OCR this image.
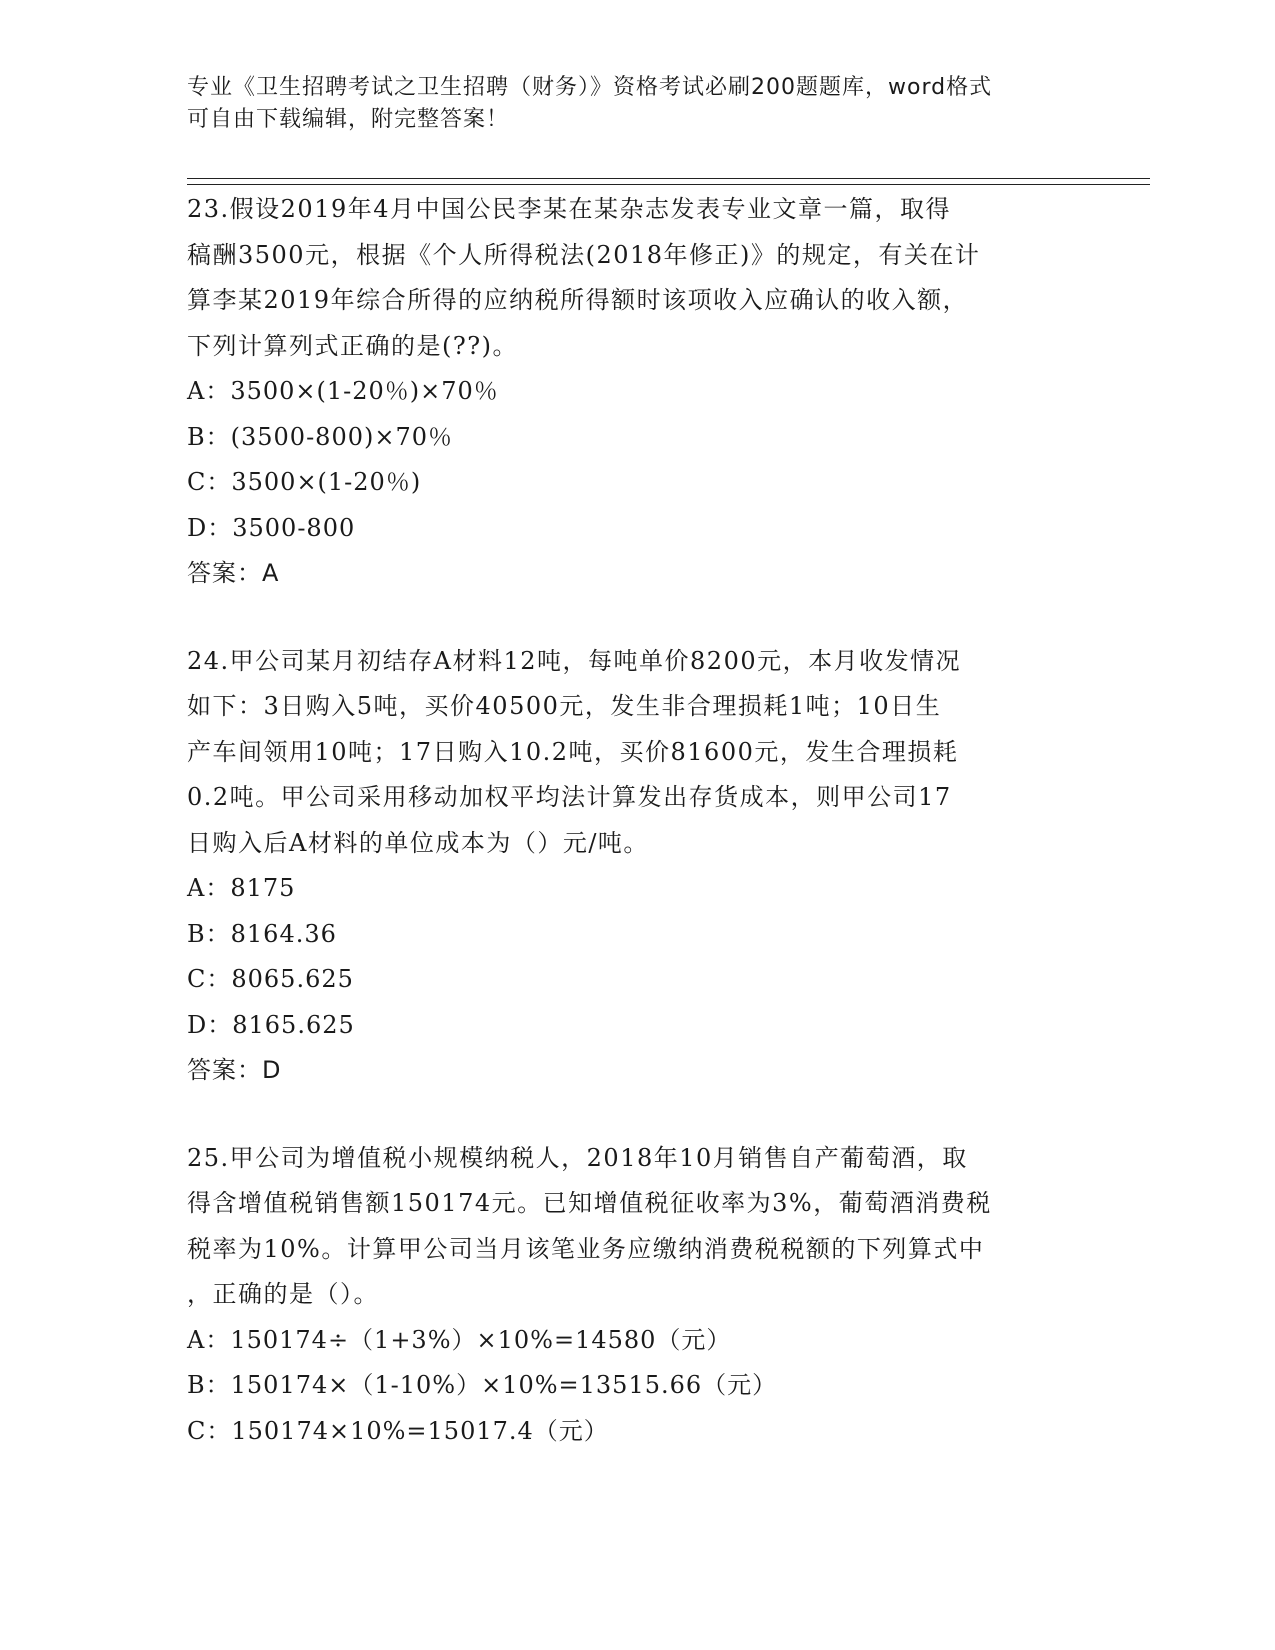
专业《卫生招聘考试之卫生招聘（财务）》资格考试必刷200题题库，word格式
可自由下载编辑，附完整答案！
23.假设2019年4月中国公民李某在某杂志发表专业文章一篇，取得
稿酬3500元，根据《个人所得税法(2018年修正)》的规定，有关在计
算李某2019年综合所得的应纳税所得额时该项收入应确认的收入额，
下列计算列式正确的是(??)。
A：3500×(1-20％)×70％
B：(3500-800)×70％
C：3500×(1-20％)
D：3500-800
答案：A
24.甲公司某月初结存A材料12吨，每吨单价8200元，本月收发情况
如下：3日购入5吨，买价40500元，发生非合理损耗1吨；10日生
产车间领用10吨；17日购入10.2吨，买价81600元，发生合理损耗
0.2吨。甲公司采用移动加权平均法计算发出存货成本，则甲公司17
日购入后A材料的单位成本为（）元/吨。
A：8175
B：8164.36
C：8065.625
D：8165.625
答案：D
25.甲公司为增值税小规模纳税人，2018年10月销售自产葡萄酒，取
得含增值税销售额150174元。已知增值税征收率为3%，葡萄酒消费税
税率为10%。计算甲公司当月该笔业务应缴纳消费税税额的下列算式中
，正确的是（）。
A：150174÷（1+3%）×10%=14580（元）
B：150174×（1-10%）×10%=13515.66（元）
C：150174×10%=15017.4（元）
